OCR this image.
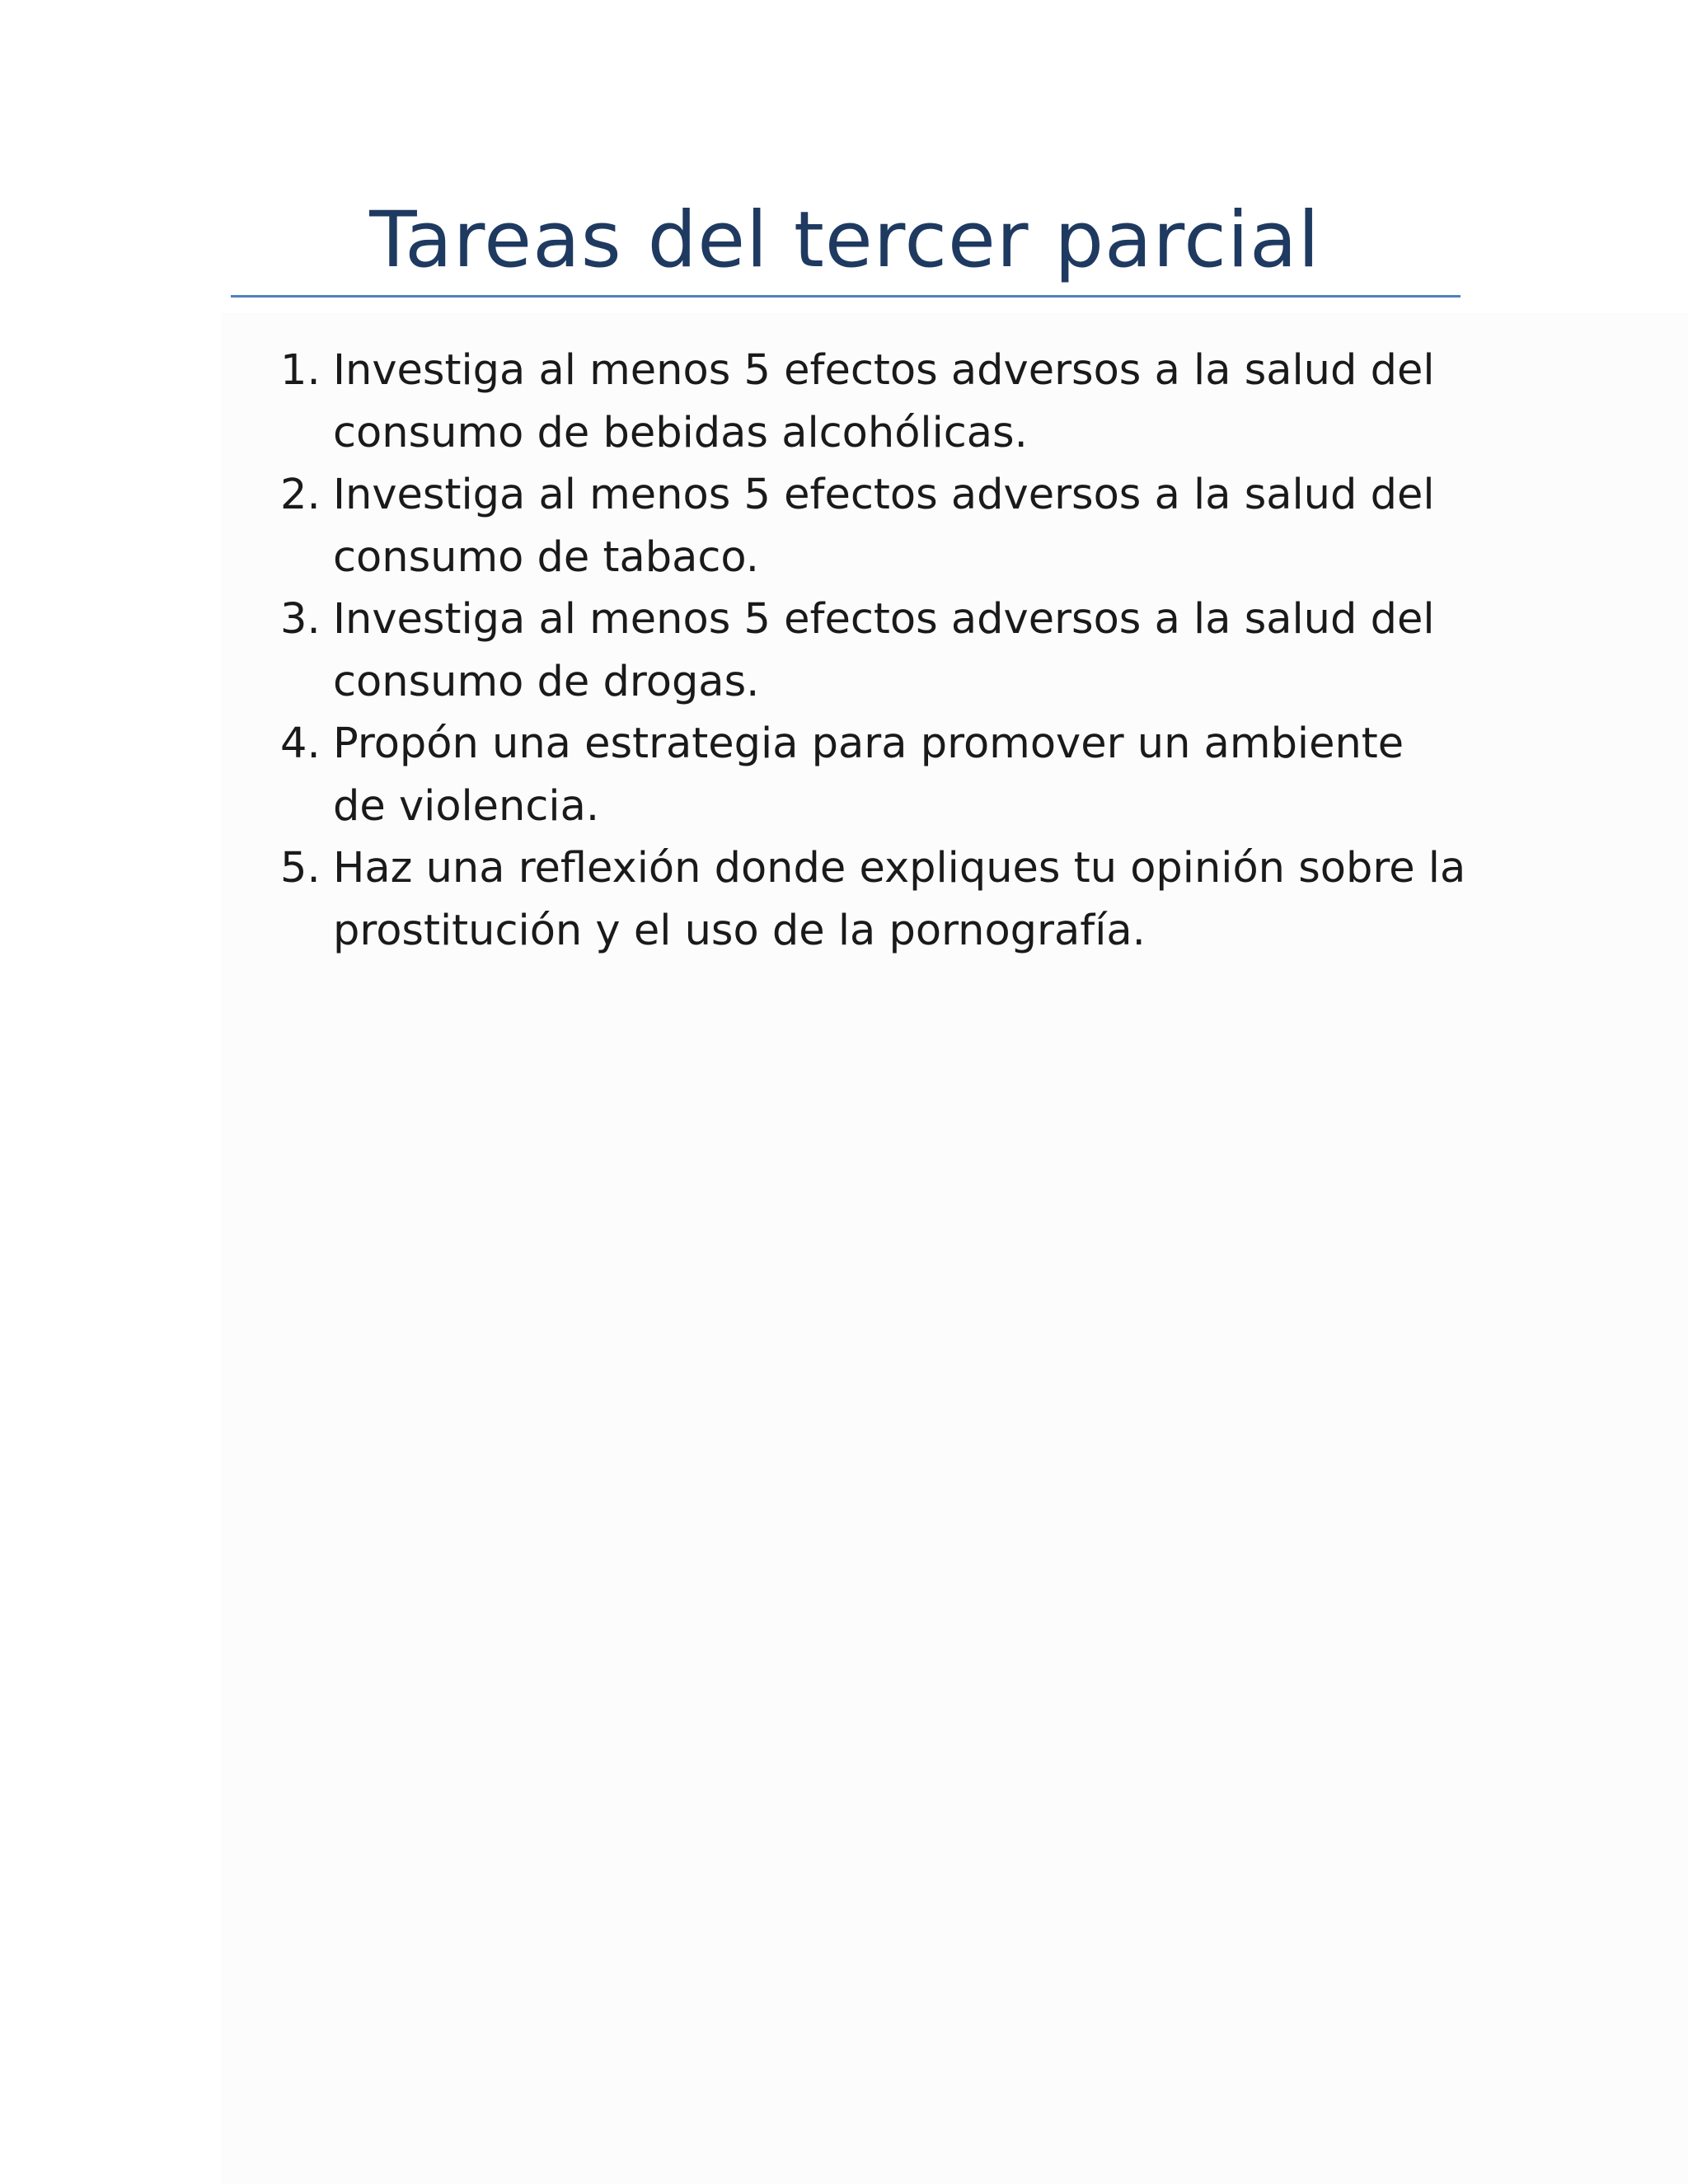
Tareas del tercer parcial
1. Investiga al menos 5 efectos adversos a la salud del consumo de bebidas alcohólicas.

2. Investiga al menos 5 efectos adversos a la salud del consumo de tabaco.

3. Investiga al menos 5 efectos adversos a la salud del consumo de drogas.

4. Propón una estrategia para promover un ambiente de violencia.

5. Haz una reflexión donde expliques tu opinión sobre la prostitución y el uso de la pornografía.
